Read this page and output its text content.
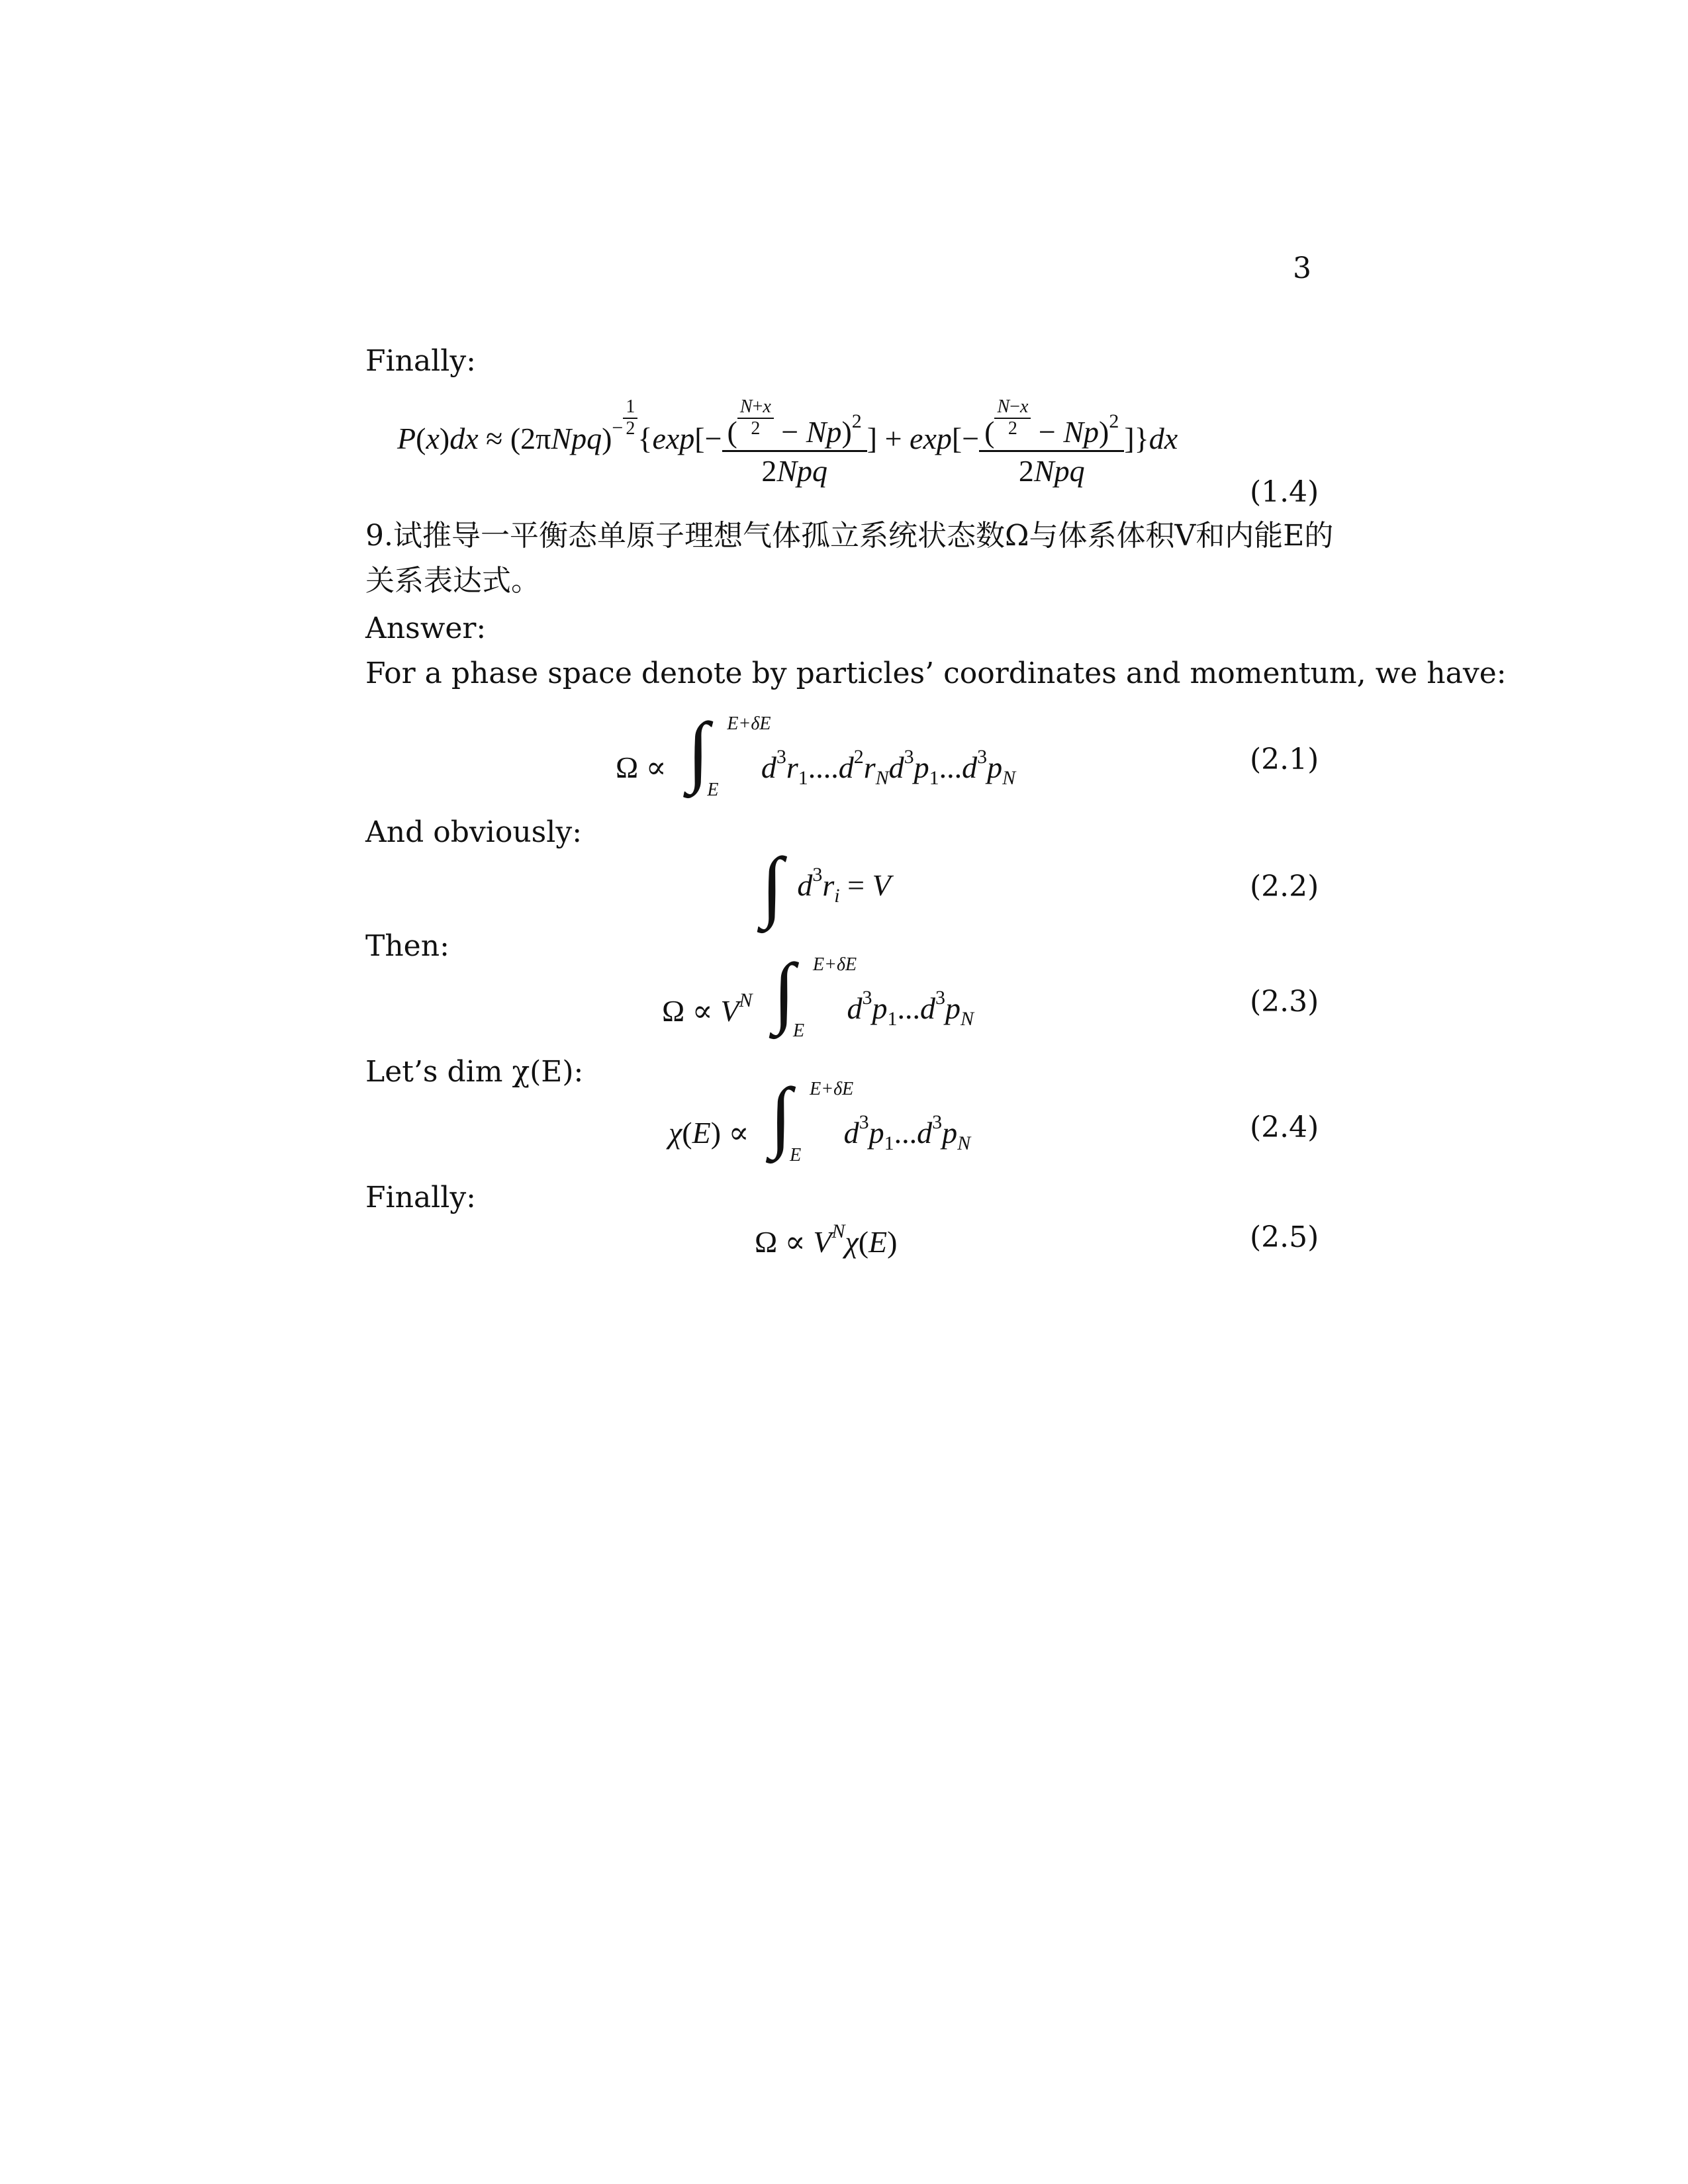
3
Finally:
$P(x)dx \approx (2\pi Npq)^{- \frac{1}{2}}$ {$\exp[- \frac{( \frac{N+x}{2} - Np)^2}{\text{2Npq}}$ ] + $\exp[- \frac{( \frac{N-x}{2} - Np)^2}{\text{2Npq}} ]\}dx$
(1.4)
9.试推导一平衡态单原子理想气体孤立系统状态数Ω与体系体积V和内能E的
关系表达式。
Answer:
For a phase space denote by particles’ coordinates and momentum, we have:
Ω ∝ ∫ E+δE
E
$d^3r_1....d^2r_Nd^3p_1...d^3p_N$
(2.1)
And obviously:
∫ $d^3r_i = V$	(2.2)
Then:
$\Omega \propto V^N$ ∫ E+δE
E
$d^3p_1...d^3p_N$
(2.3)
Let’s dim χ(E):
χ(E) ∝ ∫ E+δE
E
$d^3p_1...d^3p_N$	(2.4)
Finally:
$\Omega \propto V^N\chi(E)$	(2.5)
